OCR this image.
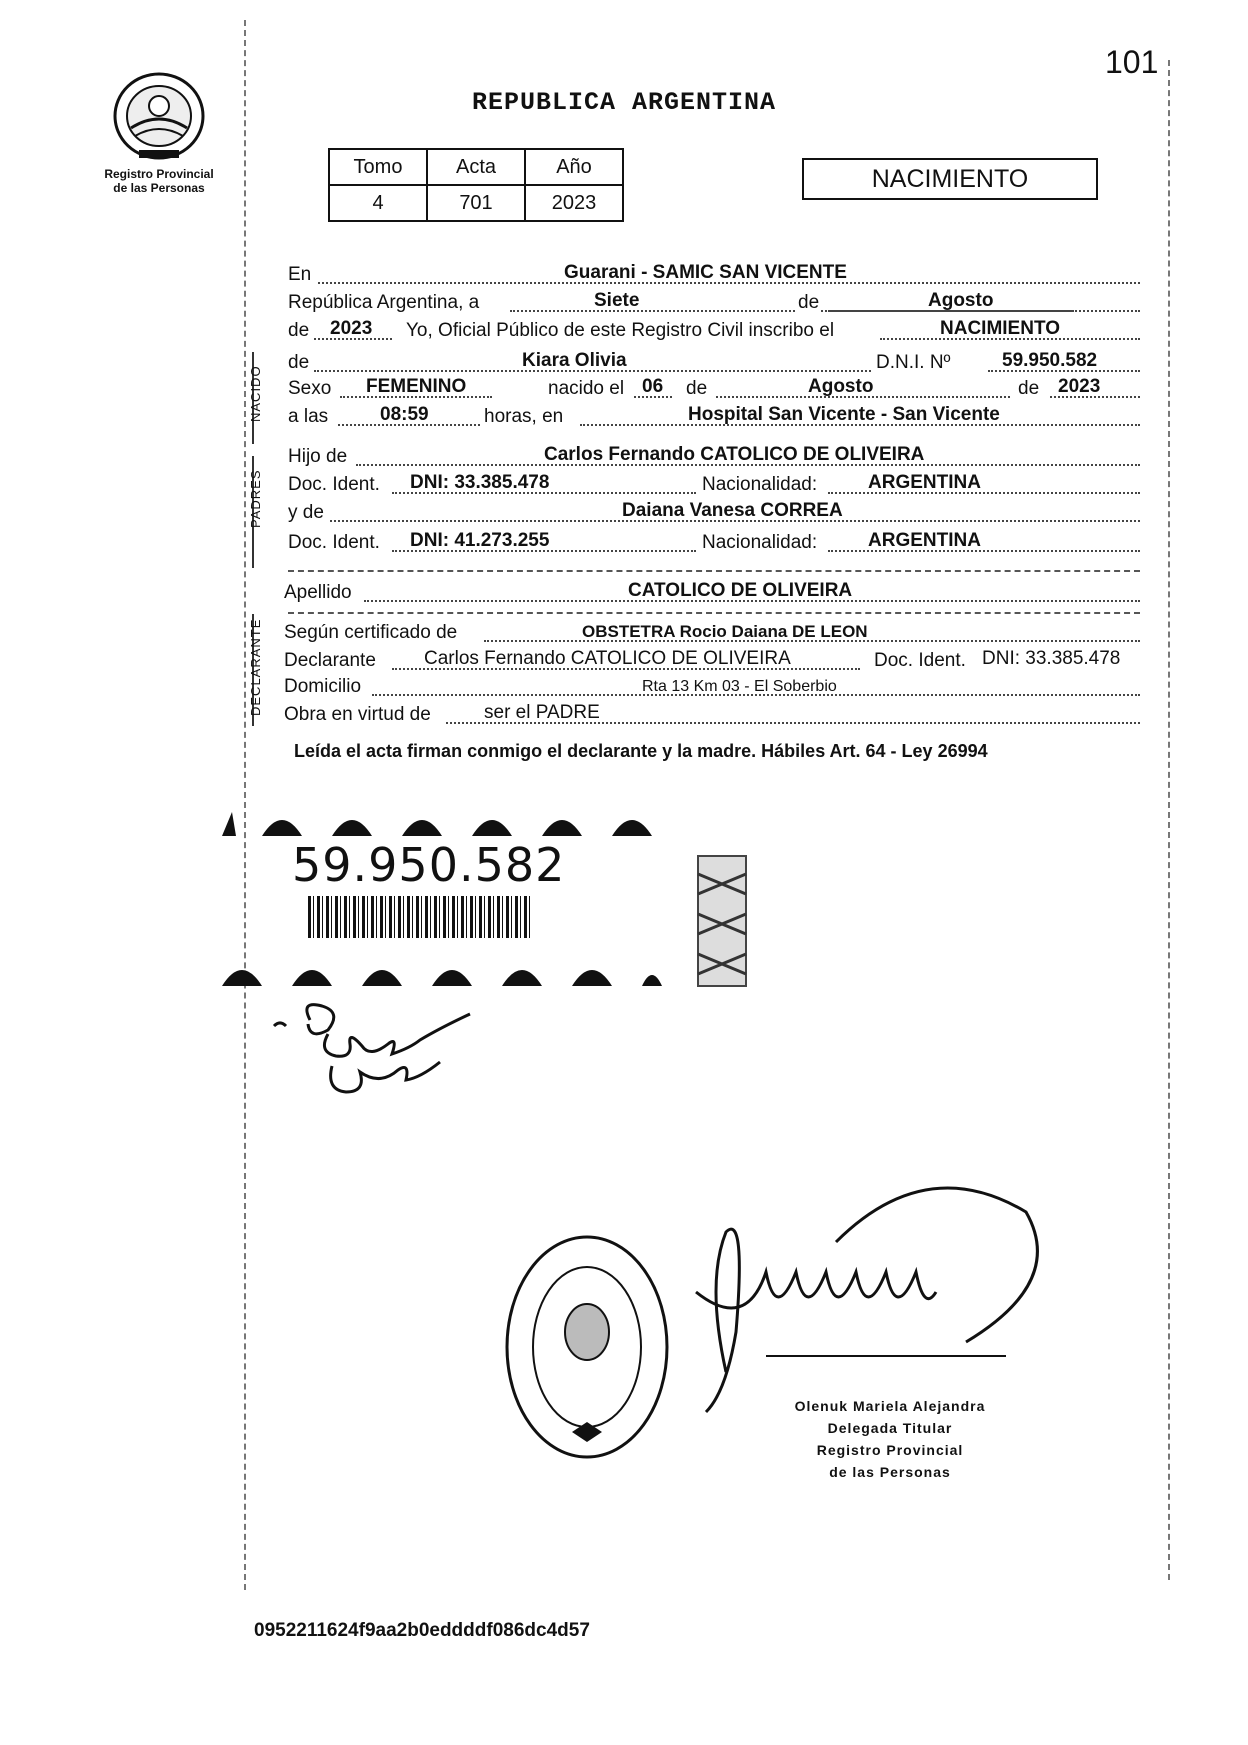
101
Registro Provincial
de las Personas
REPUBLICA ARGENTINA
Tomo	Acta	Año
4	701	2023
NACIMIENTO
NACIDO
PADRES
DECLARANTE
En	Guarani - SAMIC SAN VICENTE
República Argentina, a	Siete	de	Agosto
de 2023 Yo, Oficial Público de este Registro Civil inscribo el	NACIMIENTO
de	Kiara Olivia	D.N.I. Nº	59.950.582
Sexo FEMENINO	nacido el 06 de	Agosto	de 2023
a las	08:59	horas, en	Hospital San Vicente - San Vicente
Hijo de	Carlos Fernando CATOLICO DE OLIVEIRA
Doc. Ident. DNI: 33.385.478	Nacionalidad:	ARGENTINA
y de	Daiana Vanesa CORREA
Doc. Ident. DNI: 41.273.255	Nacionalidad:	ARGENTINA
Apellido	CATOLICO DE OLIVEIRA
Según certificado de	OBSTETRA Rocio Daiana DE LEON
Declarante	Carlos Fernando CATOLICO DE OLIVEIRA	Doc. Ident. DNI: 33.385.478
Domicilio	Rta 13 Km 03 - El Soberbio
Obra en virtud de	ser el PADRE
Leída el acta firman conmigo el declarante y la madre. Hábiles Art. 64 - Ley 26994
59.950.582
Olenuk Mariela Alejandra
Delegada Titular
Registro Provincial
de las Personas
0952211624f9aa2b0eddddf086dc4d57
